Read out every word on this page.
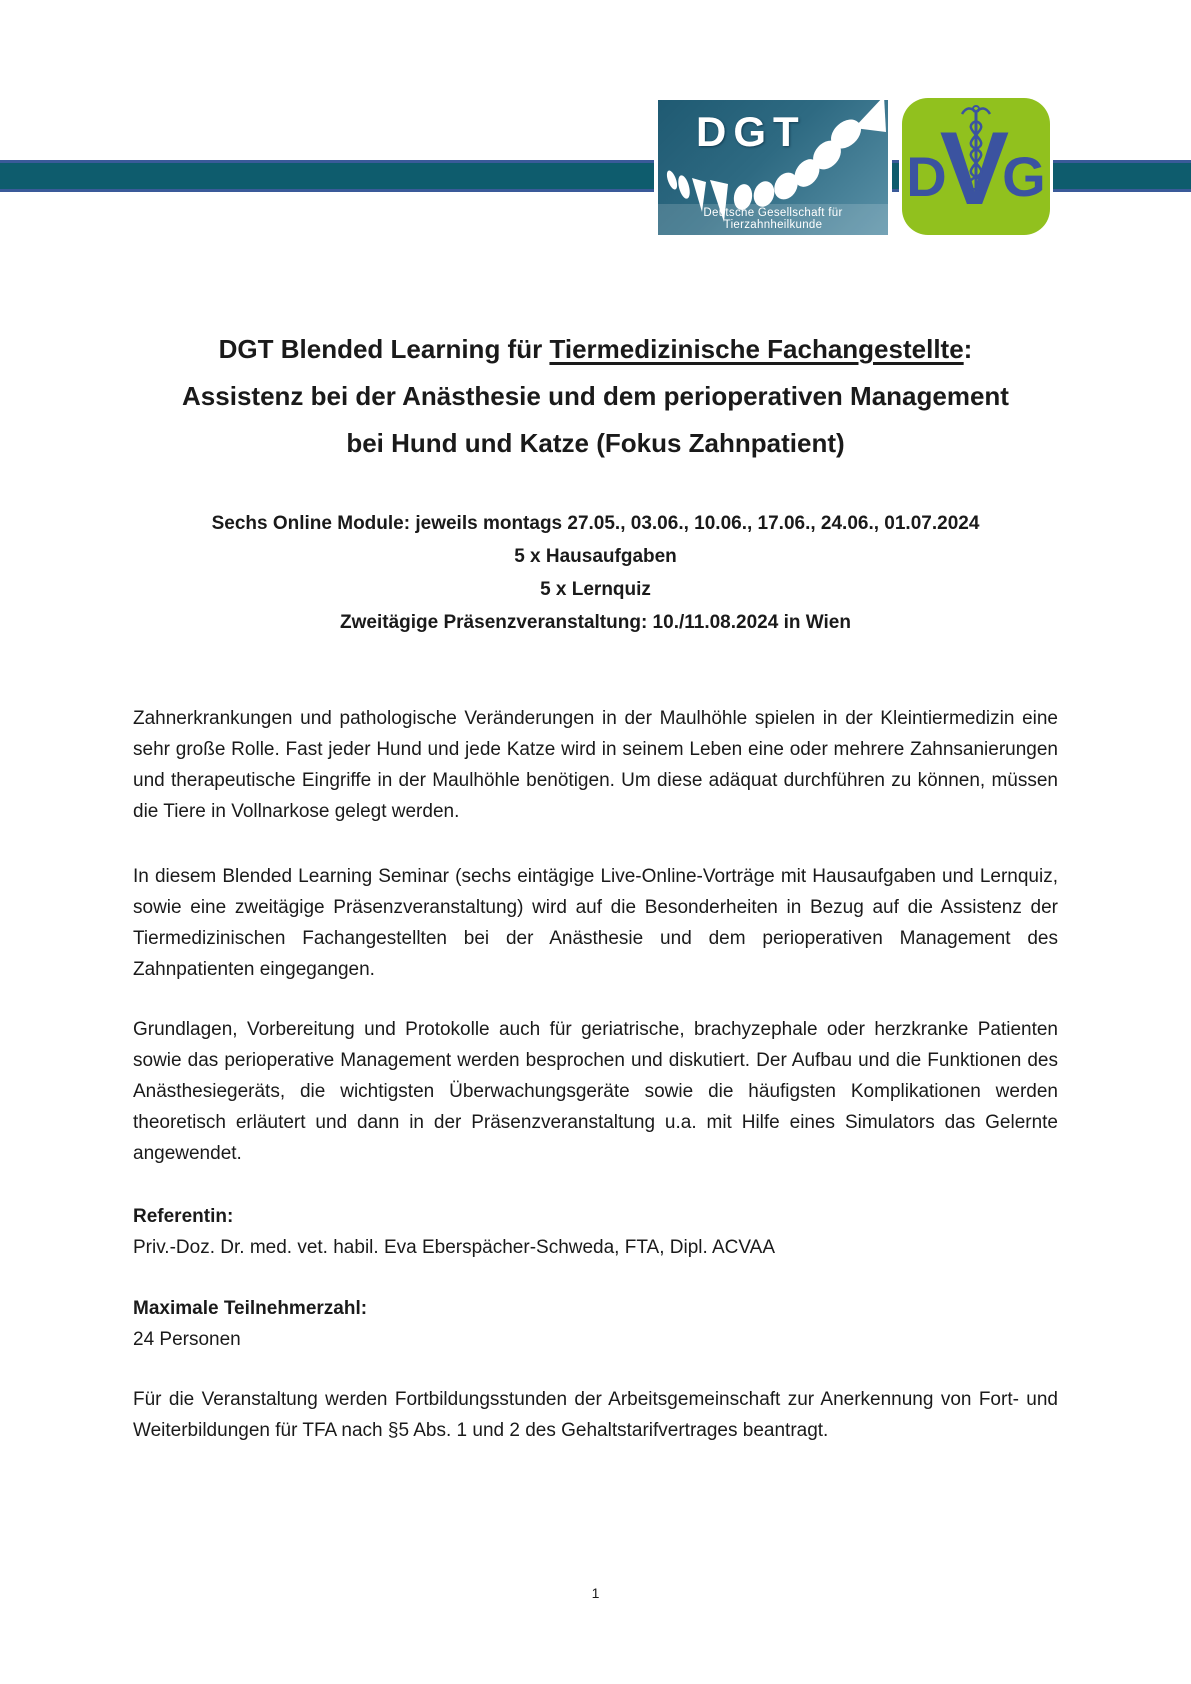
DGT
Deutsche Gesellschaft für Tierzahnheilkunde
D
V
G
DGT Blended Learning für Tiermedizinische Fachangestellte:
Assistenz bei der Anästhesie und dem perioperativen Management
bei Hund und Katze (Fokus Zahnpatient)
Sechs Online Module: jeweils montags 27.05., 03.06., 10.06., 17.06., 24.06., 01.07.2024
5 x Hausaufgaben
5 x Lernquiz
Zweitägige Präsenzveranstaltung: 10./11.08.2024 in Wien
Zahnerkrankungen und pathologische Veränderungen in der Maulhöhle spielen in der Kleintiermedizin eine sehr große Rolle. Fast jeder Hund und jede Katze wird in seinem Leben eine oder mehrere Zahnsanierungen und therapeutische Eingriffe in der Maulhöhle benötigen. Um diese adäquat durchführen zu können, müssen die Tiere in Vollnarkose gelegt werden.
In diesem Blended Learning Seminar (sechs eintägige Live-Online-Vorträge mit Hausaufgaben und Lernquiz, sowie eine zweitägige Präsenzveranstaltung) wird auf die Besonderheiten in Bezug auf die Assistenz der Tiermedizinischen Fachangestellten bei der Anästhesie und dem perioperativen Management des Zahnpatienten eingegangen.
Grundlagen, Vorbereitung und Protokolle auch für geriatrische, brachyzephale oder herzkranke Patienten sowie das perioperative Management werden besprochen und diskutiert. Der Aufbau und die Funktionen des Anästhesiegeräts, die wichtigsten Überwachungsgeräte sowie die häufigsten Komplikationen werden theoretisch erläutert und dann in der Präsenzveranstaltung u.a. mit Hilfe eines Simulators das Gelernte angewendet.
Referentin:
Priv.-Doz. Dr. med. vet. habil. Eva Eberspächer-Schweda, FTA, Dipl. ACVAA
Maximale Teilnehmerzahl:
24 Personen
Für die Veranstaltung werden Fortbildungsstunden der Arbeitsgemeinschaft zur Anerkennung von Fort- und Weiterbildungen für TFA nach §5 Abs. 1 und 2 des Gehaltstarifvertrages beantragt.
1
